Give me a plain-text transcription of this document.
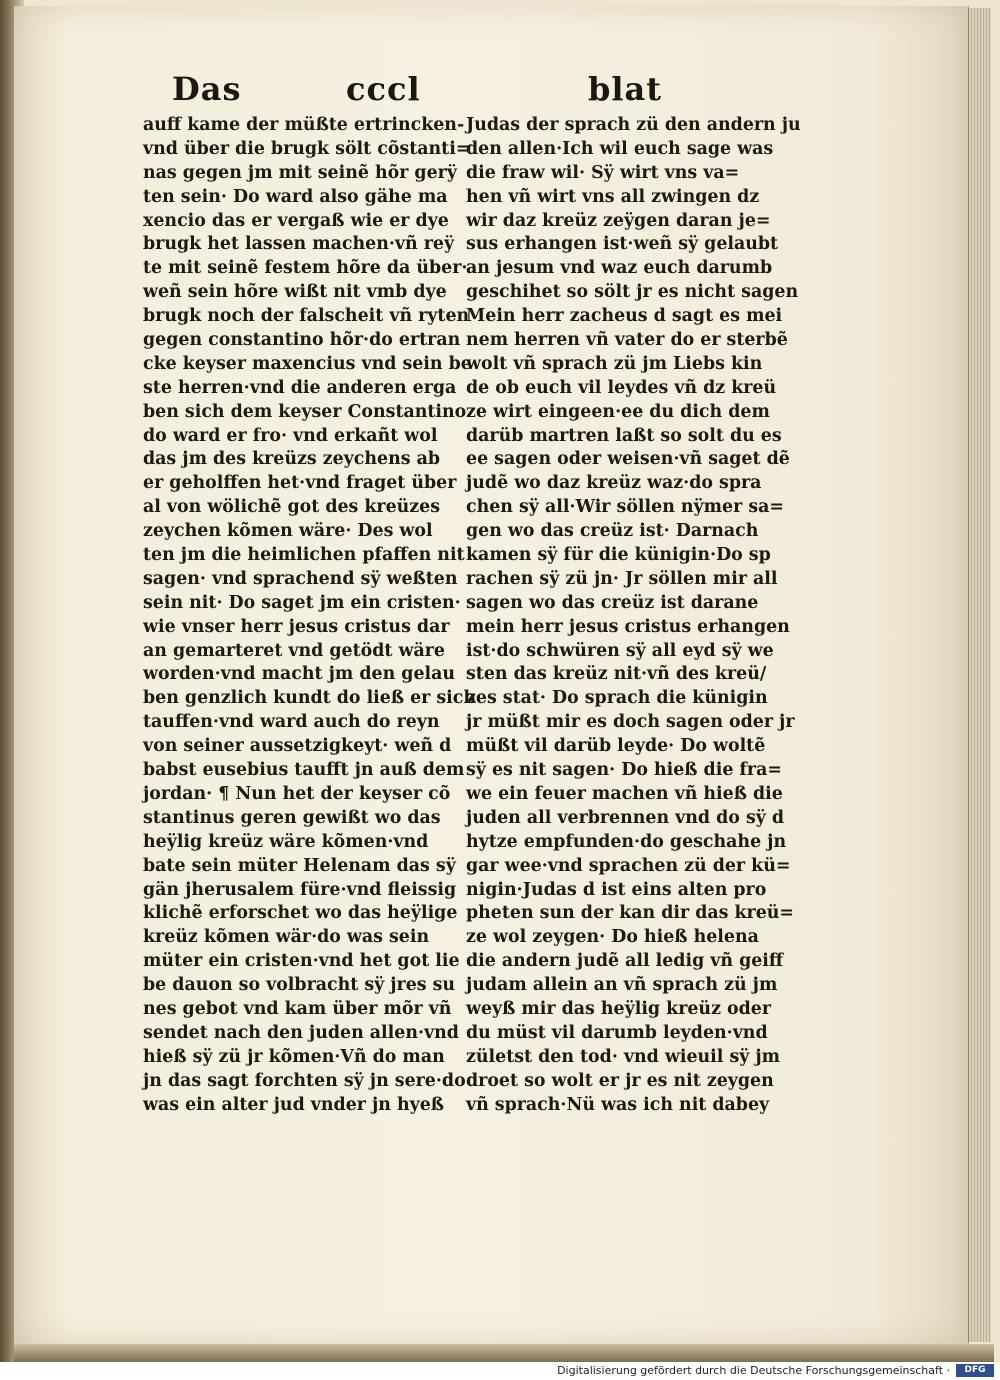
Das	cccl	blat
auff kame der müßte ertrincken-
vnd über die brugk sölt cõstanti=
nas gegen jm mit seinẽ hõr gerÿ
ten sein· Do ward also gähe ma
xencio das er vergaß wie er dye
brugk het lassen machen·vñ reÿ
te mit seinẽ festem hõre da über·
weñ sein hõre wißt nit vmb dye
brugk noch der falscheit vñ ryten
gegen constantino hõr·do ertran
cke keyser maxencius vnd sein be
ste herren·vnd die anderen erga
ben sich dem keyser Constantino
do ward er fro· vnd erkañt wol
das jm des kreüzs zeychens ab
er geholffen het·vnd fraget über
al von wölichẽ got des kreüzes
zeychen kõmen wäre· Des wol
ten jm die heimlichen pfaffen nit
sagen· vnd sprachend sÿ weßten
sein nit· Do saget jm ein cristen·
wie vnser herr jesus cristus dar
an gemarteret vnd getödt wäre
worden·vnd macht jm den gelau
ben genzlich kundt do ließ er sich
tauffen·vnd ward auch do reyn
von seiner aussetzigkeyt· weñ d
babst eusebius taufft jn auß dem
jordan· ¶ Nun het der keyser cõ
stantinus geren gewißt wo das
heÿlig kreüz wäre kõmen·vnd
bate sein müter Helenam das sÿ
gän jherusalem füre·vnd fleissig
klichẽ erforschet wo das heÿlige
kreüz kõmen wär·do was sein
müter ein cristen·vnd het got lie
be dauon so volbracht sÿ jres su
nes gebot vnd kam über mõr vñ
sendet nach den juden allen·vnd
hieß sÿ zü jr kõmen·Vñ do man
jn das sagt forchten sÿ jn sere·do
was ein alter jud vnder jn hyeß
Judas der sprach zü den andern ju
den allen·Ich wil euch sage was
die fraw wil· Sÿ wirt vns va=
hen vñ wirt vns all zwingen dz
wir daz kreüz zeÿgen daran je=
sus erhangen ist·weñ sÿ gelaubt
an jesum vnd waz euch darumb
geschihet so sölt jr es nicht sagen
Mein herr zacheus d sagt es mei
nem herren vñ vater do er sterbẽ
wolt vñ sprach zü jm Liebs kin
de ob euch vil leydes vñ dz kreü
ze wirt eingeen·ee du dich dem
darüb martren laßt so solt du es
ee sagen oder weisen·vñ saget dẽ
judẽ wo daz kreüz waz·do spra
chen sÿ all·Wir söllen nÿmer sa=
gen wo das creüz ist· Darnach
kamen sÿ für die künigin·Do sp
rachen sÿ zü jn· Jr söllen mir all
sagen wo das creüz ist darane
mein herr jesus cristus erhangen
ist·do schwüren sÿ all eyd sÿ we
sten das kreüz nit·vñ des kreü/
zes stat· Do sprach die künigin
jr müßt mir es doch sagen oder jr
müßt vil darüb leyde· Do woltẽ
sÿ es nit sagen· Do hieß die fra=
we ein feuer machen vñ hieß die
juden all verbrennen vnd do sÿ d
hytze empfunden·do geschahe jn
gar wee·vnd sprachen zü der kü=
nigin·Judas d ist eins alten pro
pheten sun der kan dir das kreü=
ze wol zeygen· Do hieß helena
die andern judẽ all ledig vñ geiff
judam allein an vñ sprach zü jm
weyß mir das heÿlig kreüz oder
du müst vil darumb leyden·vnd
zületst den tod· vnd wieuil sÿ jm
droet so wolt er jr es nit zeygen
vñ sprach·Nü was ich nit dabey
Digitalisierung gefördert durch die Deutsche Forschungsgemeinschaft ·	DFG
